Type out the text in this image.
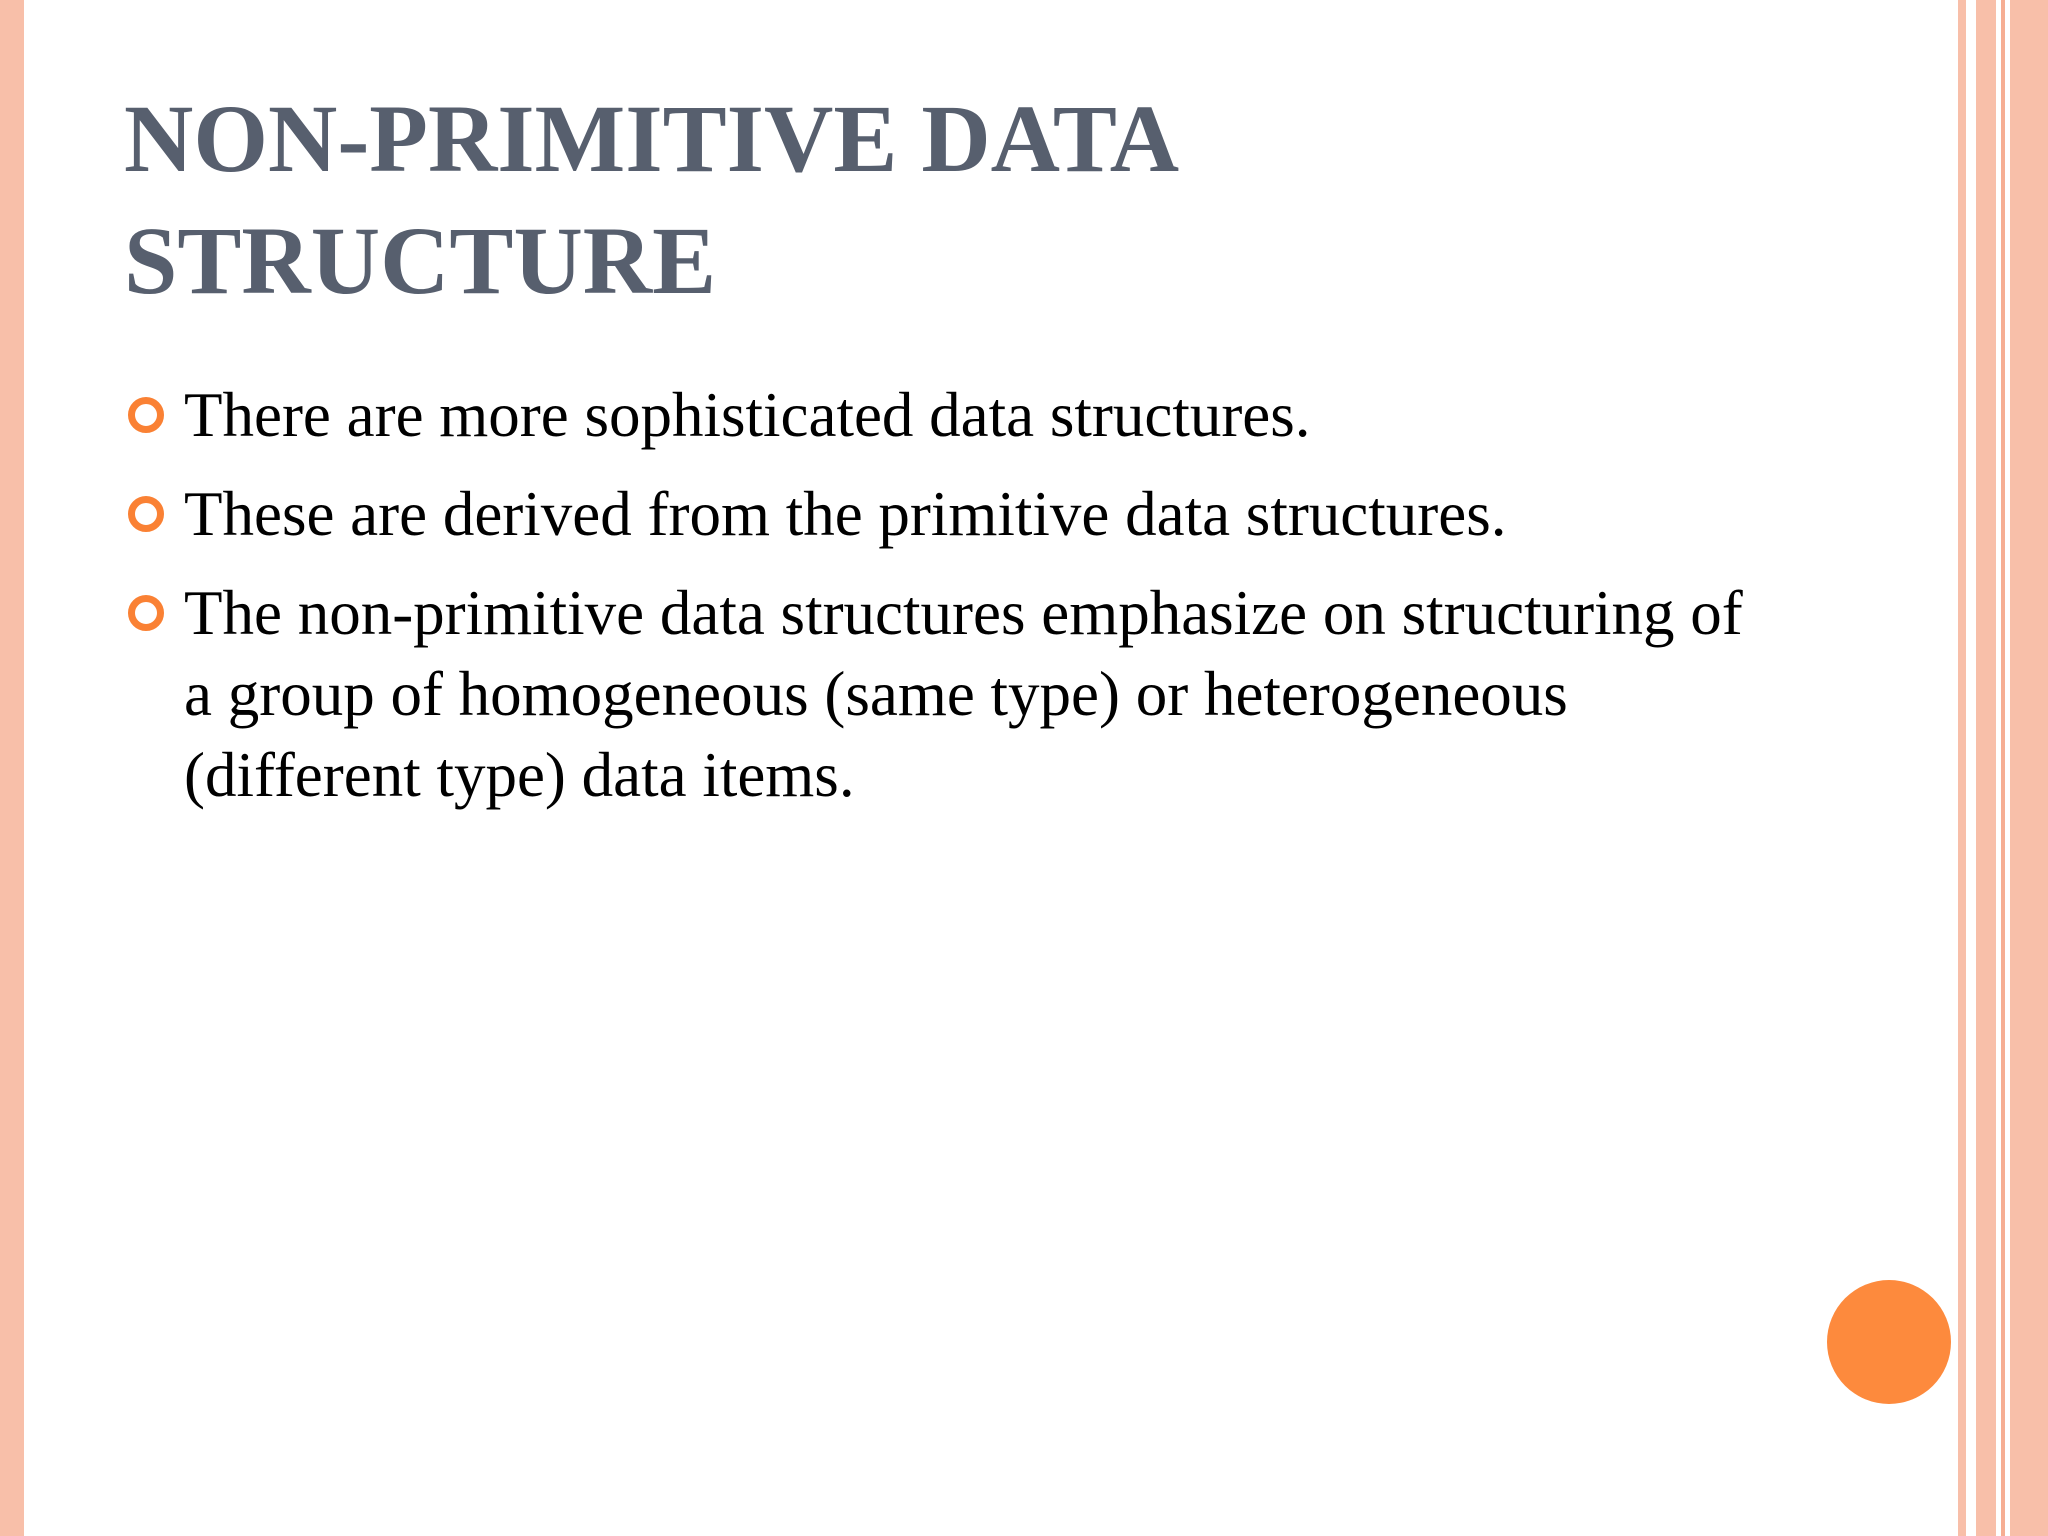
NON-PRIMITIVE DATA
STRUCTURE
There are more sophisticated data structures.
These are derived from the primitive data structures.
The non-primitive data structures emphasize on structuring of a group of homogeneous (same type) or heterogeneous (different type) data items.
